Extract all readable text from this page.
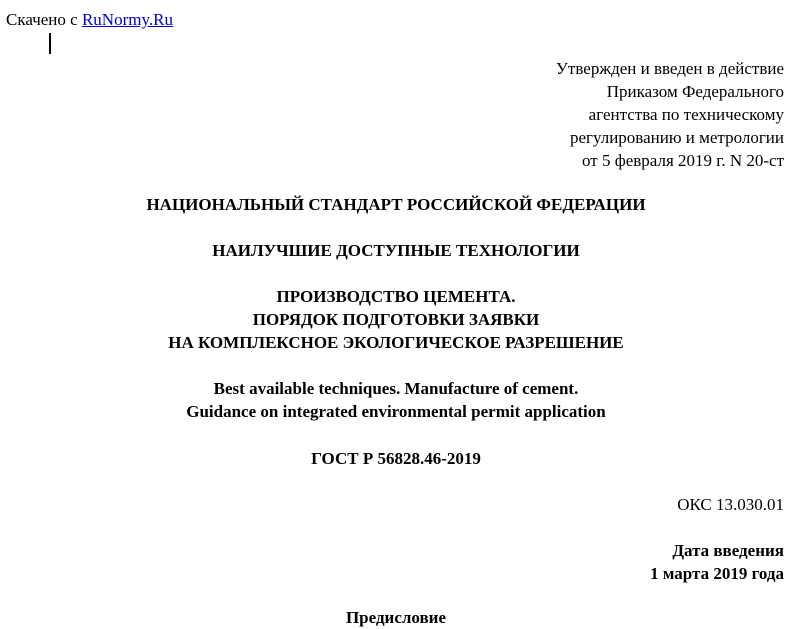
Скачено с RuNormy.Ru
Утвержден и введен в действие
Приказом Федерального
агентства по техническому
регулированию и метрологии
от 5 февраля 2019 г. N 20-ст
НАЦИОНАЛЬНЫЙ СТАНДАРТ РОССИЙСКОЙ ФЕДЕРАЦИИ
НАИЛУЧШИЕ ДОСТУПНЫЕ ТЕХНОЛОГИИ
ПРОИЗВОДСТВО ЦЕМЕНТА.
ПОРЯДОК ПОДГОТОВКИ ЗАЯВКИ
НА КОМПЛЕКСНОЕ ЭКОЛОГИЧЕСКОЕ РАЗРЕШЕНИЕ
Best available techniques. Manufacture of cement.
Guidance on integrated environmental permit application
ГОСТ Р 56828.46-2019
ОКС 13.030.01
Дата введения
1 марта 2019 года
Предисловие
